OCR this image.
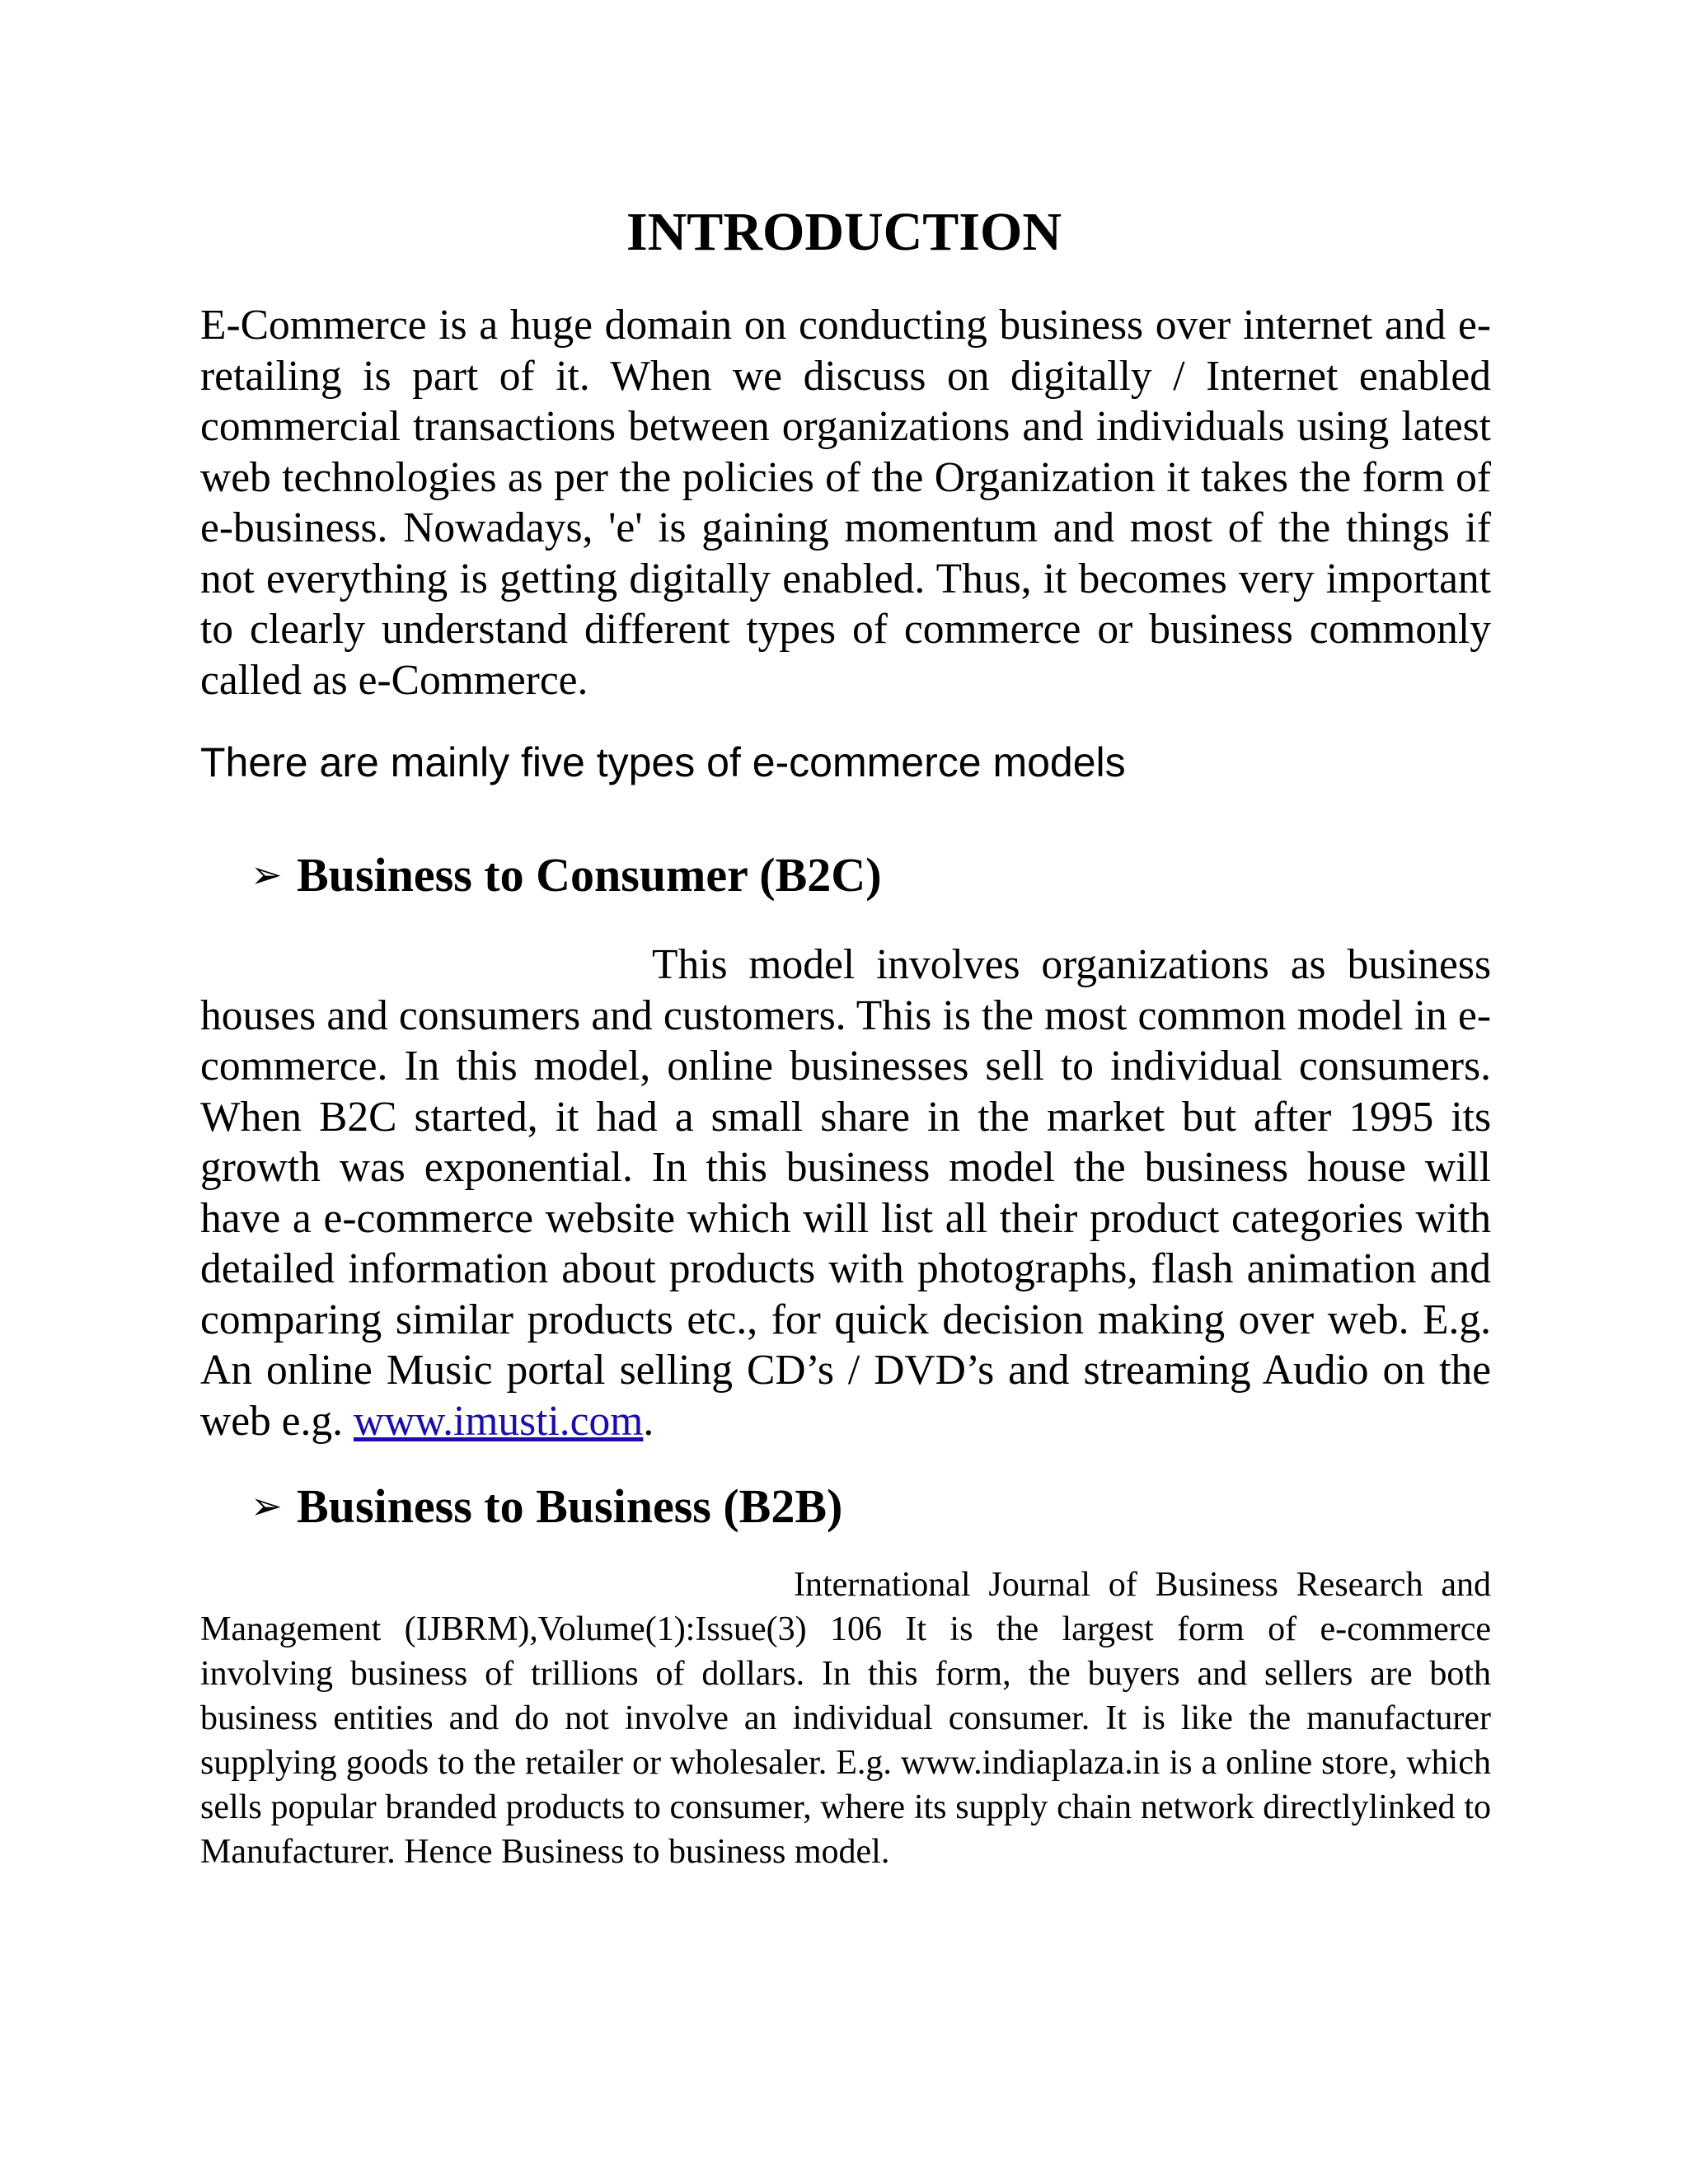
INTRODUCTION

E-Commerce is a huge domain on conducting business over internet and e-retailing is part of it. When we discuss on digitally / Internet enabled commercial transactions between organizations and individuals using latest web technologies as per the policies of the Organization it takes the form of e-business. Nowadays, 'e' is gaining momentum and most of the things if not everything is getting digitally enabled. Thus, it becomes very important to clearly understand different types of commerce or business commonly called as e-Commerce.

There are mainly five types of e-commerce models

➢ Business to Consumer (B2C)

This model involves organizations as business houses and consumers and customers. This is the most common model in e-commerce. In this model, online businesses sell to individual consumers. When B2C started, it had a small share in the market but after 1995 its growth was exponential. In this business model the business house will have a e-commerce website which will list all their product categories with detailed information about products with photographs, flash animation and comparing similar products etc., for quick decision making over web. E.g. An online Music portal selling CD’s / DVD’s and streaming Audio on the web e.g. www.imusti.com.

➢ Business to Business (B2B)

International Journal of Business Research and Management (IJBRM),Volume(1):Issue(3) 106 It is the largest form of e-commerce involving business of trillions of dollars. In this form, the buyers and sellers are both business entities and do not involve an individual consumer. It is like the manufacturer supplying goods to the retailer or wholesaler. E.g. www.indiaplaza.in is a online store, which sells popular branded products to consumer, where its supply chain network directlylinked to Manufacturer. Hence Business to business model.
